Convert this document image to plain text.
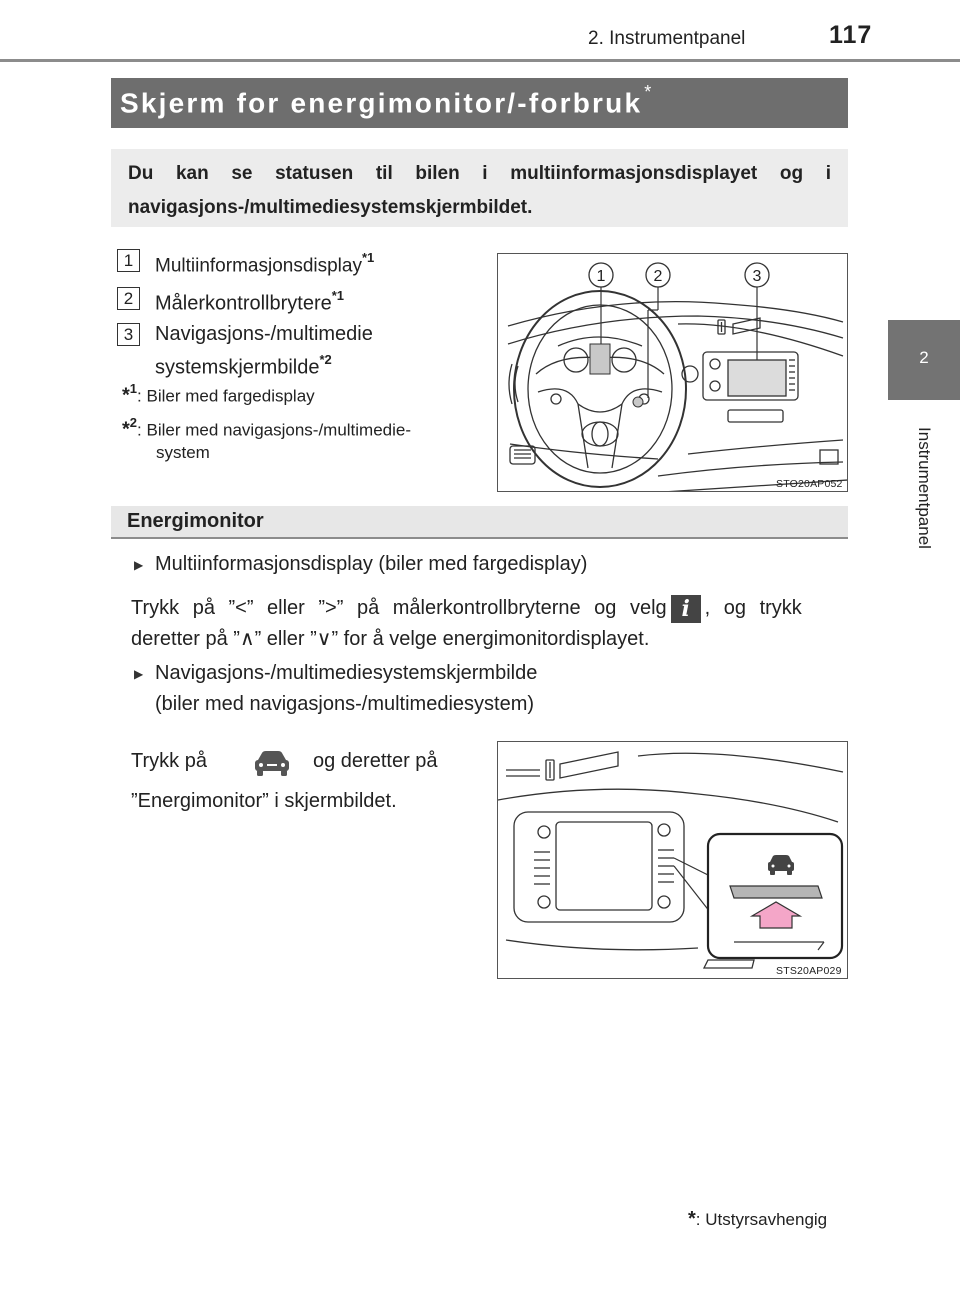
2. Instrumentpanel	117
2
Instrumentpanel
Skjerm for energimonitor/-forbruk *

Du kan se statusen til bilen i multiinformasjonsdisplayet og i navigasjons-/multimediesystemskjermbildet.

1	Multiinformasjonsdisplay$^{*1}$
2	Målerkontrollbrytere$^{*1}$
3	Navigasjons-/multimedie
systemskjermbilde$^{*2}$
*$^1$: Biler med fargedisplay
*$^2$: Biler med navigasjons-/multimedie-
system
1	2	3
STO20AP052
Energimonitor
▶ Multiinformasjonsdisplay (biler med fargedisplay)
Trykk på ”<” eller ”>” på målerkontrollbryterne og velg i , og trykk
deretter på ”∧” eller ”∨” for å velge energimonitordisplayet.
▶ Navigasjons-/multimediesystemskjermbilde
(biler med navigasjons-/multimediesystem)
Trykk på	og deretter på
”Energimonitor” i skjermbildet.
STS20AP029
*: Utstyrsavhengig
